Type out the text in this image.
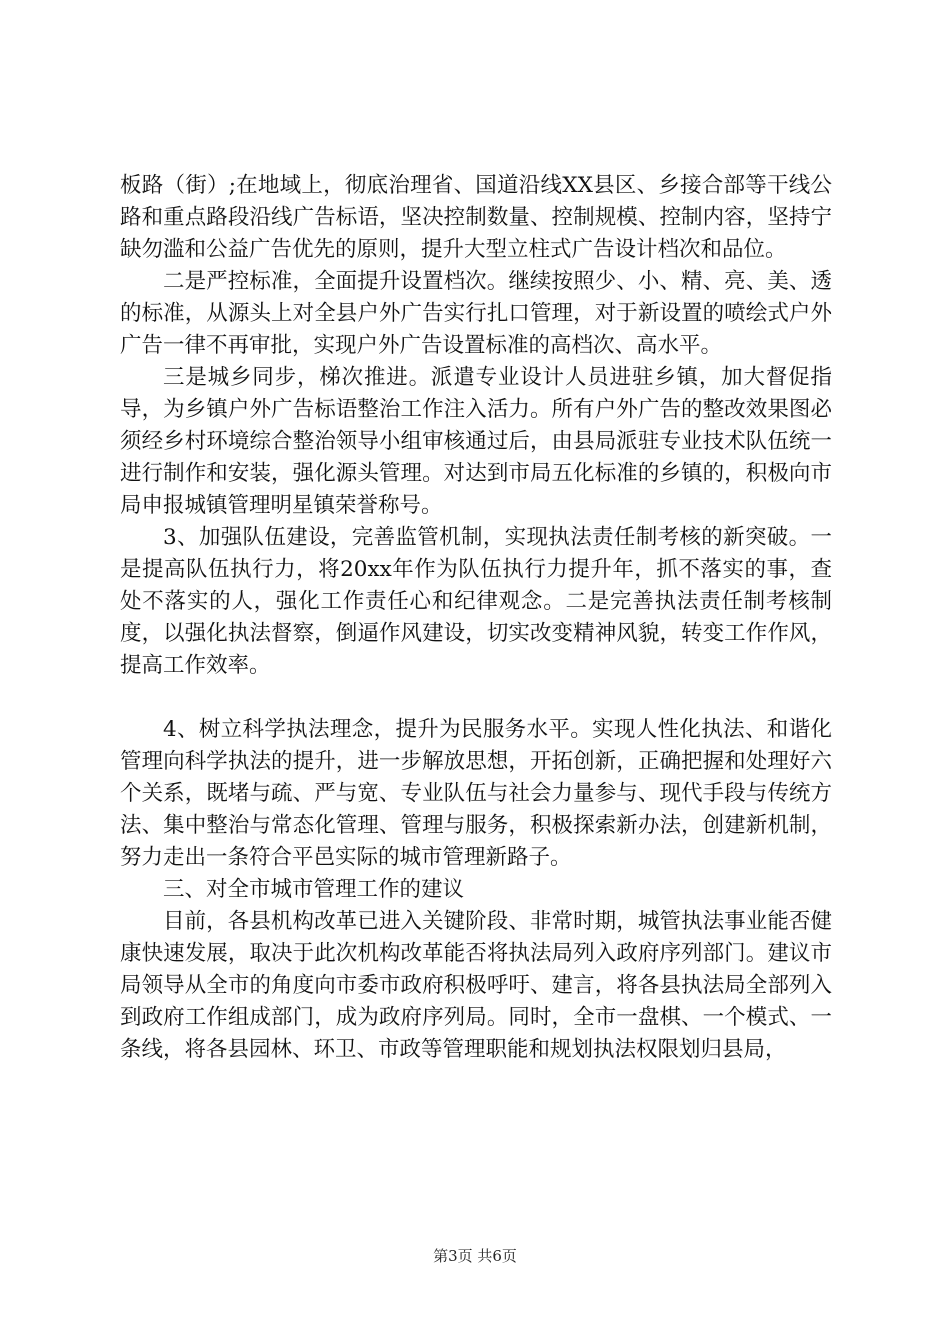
板路（街）;在地域上，彻底治理省、国道沿线XX县区、乡接合部等干线公路和重点路段沿线广告标语，坚决控制数量、控制规模、控制内容，坚持宁缺勿滥和公益广告优先的原则，提升大型立柱式广告设计档次和品位。

二是严控标准，全面提升设置档次。继续按照少、小、精、亮、美、透的标准，从源头上对全县户外广告实行扎口管理，对于新设置的喷绘式户外广告一律不再审批，实现户外广告设置标准的高档次、高水平。

三是城乡同步，梯次推进。派遣专业设计人员进驻乡镇，加大督促指导，为乡镇户外广告标语整治工作注入活力。所有户外广告的整改效果图必须经乡村环境综合整治领导小组审核通过后，由县局派驻专业技术队伍统一进行制作和安装，强化源头管理。对达到市局五化标准的乡镇的，积极向市局申报城镇管理明星镇荣誉称号。

3、加强队伍建设，完善监管机制，实现执法责任制考核的新突破。一是提高队伍执行力，将20xx年作为队伍执行力提升年，抓不落实的事，查处不落实的人，强化工作责任心和纪律观念。二是完善执法责任制考核制度，以强化执法督察，倒逼作风建设，切实改变精神风貌，转变工作作风，提高工作效率。

4、树立科学执法理念，提升为民服务水平。实现人性化执法、和谐化管理向科学执法的提升，进一步解放思想，开拓创新，正确把握和处理好六个关系，既堵与疏、严与宽、专业队伍与社会力量参与、现代手段与传统方法、集中整治与常态化管理、管理与服务，积极探索新办法，创建新机制，努力走出一条符合平邑实际的城市管理新路子。

三、对全市城市管理工作的建议

目前，各县机构改革已进入关键阶段、非常时期，城管执法事业能否健康快速发展，取决于此次机构改革能否将执法局列入政府序列部门。建议市局领导从全市的角度向市委市政府积极呼吁、建言，将各县执法局全部列入到政府工作组成部门，成为政府序列局。同时，全市一盘棋、一个模式、一条线，将各县园林、环卫、市政等管理职能和规划执法权限划归县局，

第3页 共6页
